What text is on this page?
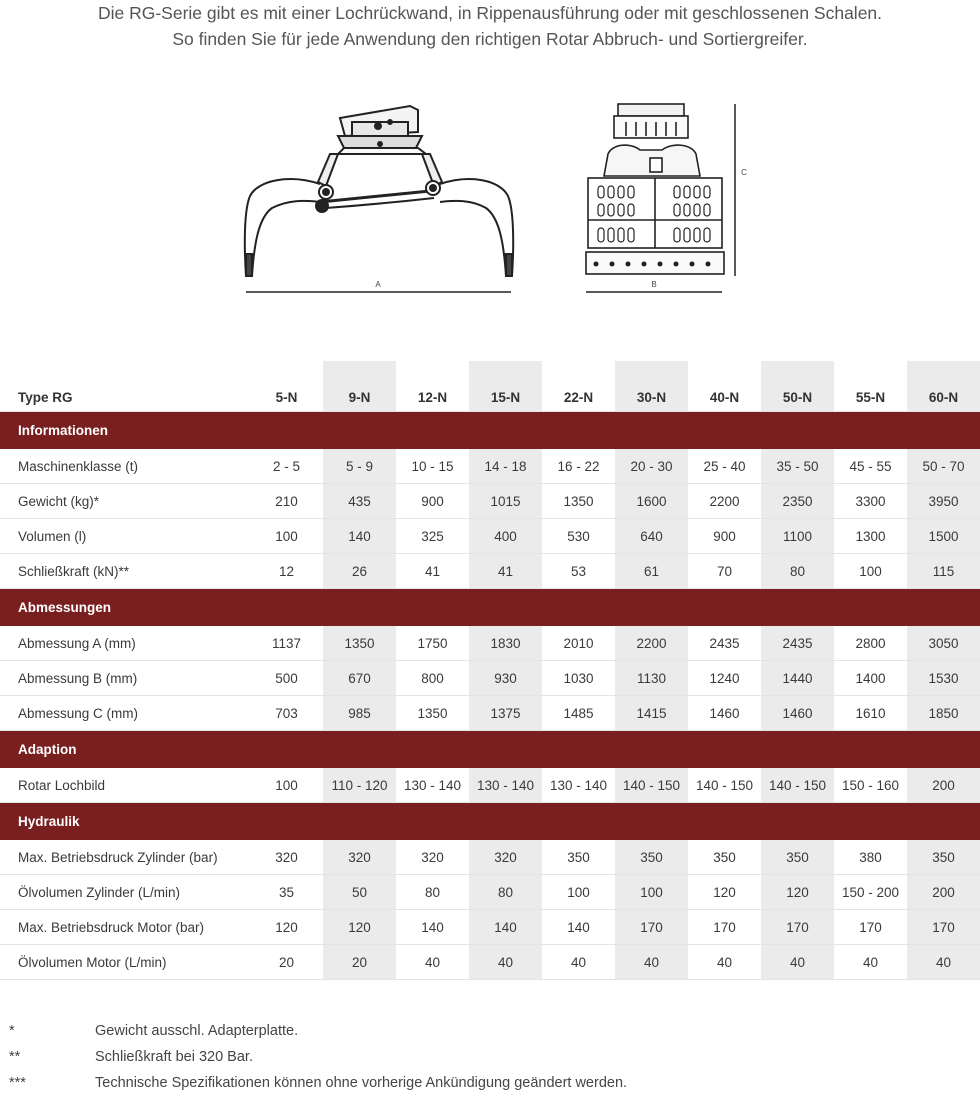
Die RG-Serie gibt es mit einer Lochrückwand, in Rippenausführung oder mit geschlossenen Schalen.
So finden Sie für jede Anwendung den richtigen Rotar Abbruch- und Sortiergreifer.
A	B
C
Type RG	5-N	9-N	12-N	15-N	22-N	30-N	40-N	50-N	55-N	60-N
Informationen										
Maschinenklasse (t)	2 - 5	5 - 9	10 - 15	14 - 18	16 - 22	20 - 30	25 - 40	35 - 50	45 - 55	50 - 70
Gewicht (kg)*	210	435	900	1015	1350	1600	2200	2350	3300	3950
Volumen (l)	100	140	325	400	530	640	900	1100	1300	1500
Schließkraft (kN)**	12	26	41	41	53	61	70	80	100	115
Abmessungen										
Abmessung A (mm)	1137	1350	1750	1830	2010	2200	2435	2435	2800	3050
Abmessung B (mm)	500	670	800	930	1030	1130	1240	1440	1400	1530
Abmessung C (mm)	703	985	1350	1375	1485	1415	1460	1460	1610	1850
Adaption										
Rotar Lochbild	100	110 - 120	130 - 140	130 - 140	130 - 140	140 - 150	140 - 150	140 - 150	150 - 160	200
Hydraulik										
Max. Betriebsdruck Zylinder (bar)	320	320	320	320	350	350	350	350	380	350
Ölvolumen Zylinder (L/min)	35	50	80	80	100	100	120	120	150 - 200	200
Max. Betriebsdruck Motor (bar)	120	120	140	140	140	170	170	170	170	170
Ölvolumen Motor (L/min)	20	20	40	40	40	40	40	40	40	40
*	Gewicht ausschl. Adapterplatte.
**	Schließkraft bei 320 Bar.
***	Technische Spezifikationen können ohne vorherige Ankündigung geändert werden.
